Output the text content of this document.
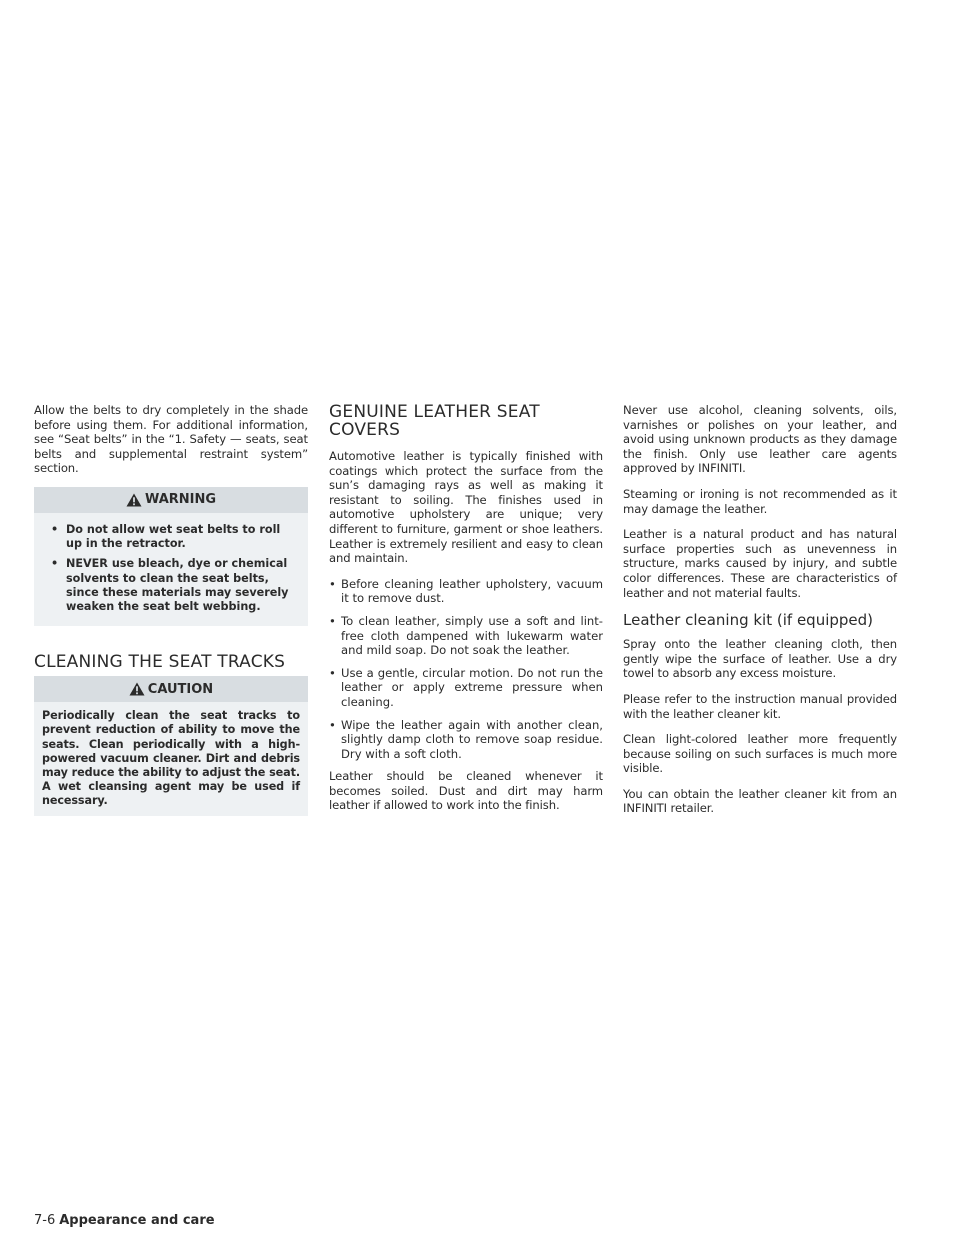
Allow the belts to dry completely in the shade before using them. For additional information, see “Seat belts” in the “1. Safety — seats, seat belts and supplemental restraint system” section.

WARNING
• Do not allow wet seat belts to roll up in the retractor.
• NEVER use bleach, dye or chemical solvents to clean the seat belts, since these materials may severely weaken the seat belt webbing.
CLEANING THE SEAT TRACKS
CAUTION

Periodically clean the seat tracks to prevent reduction of ability to move the seats. Clean periodically with a high-powered vacuum cleaner. Dirt and debris may reduce the ability to adjust the seat. A wet cleansing agent may be used if necessary.

GENUINE LEATHER SEAT COVERS

Automotive leather is typically finished with coatings which protect the surface from the sun’s damaging rays as well as making it resistant to soiling. The finishes used in automotive upholstery are unique; very different to furniture, garment or shoe leathers. Leather is extremely resilient and easy to clean and maintain.

• Before cleaning leather upholstery, vacuum it to remove dust.
• To clean leather, simply use a soft and lint-free cloth dampened with lukewarm water and mild soap. Do not soak the leather.
• Use a gentle, circular motion. Do not run the leather or apply extreme pressure when cleaning.
• Wipe the leather again with another clean, slightly damp cloth to remove soap residue. Dry with a soft cloth.

Leather should be cleaned whenever it becomes soiled. Dust and dirt may harm leather if allowed to work into the finish.

Never use alcohol, cleaning solvents, oils, varnishes or polishes on your leather, and avoid using unknown products as they damage the finish. Only use leather care agents approved by INFINITI.

Steaming or ironing is not recommended as it may damage the leather.

Leather is a natural product and has natural surface properties such as unevenness in structure, marks caused by injury, and subtle color differences. These are characteristics of leather and not material faults.

Leather cleaning kit (if equipped)

Spray onto the leather cleaning cloth, then gently wipe the surface of leather. Use a dry towel to absorb any excess moisture.

Please refer to the instruction manual provided with the leather cleaner kit.

Clean light-colored leather more frequently because soiling on such surfaces is much more visible.

You can obtain the leather cleaner kit from an INFINITI retailer.

7-6 Appearance and care
